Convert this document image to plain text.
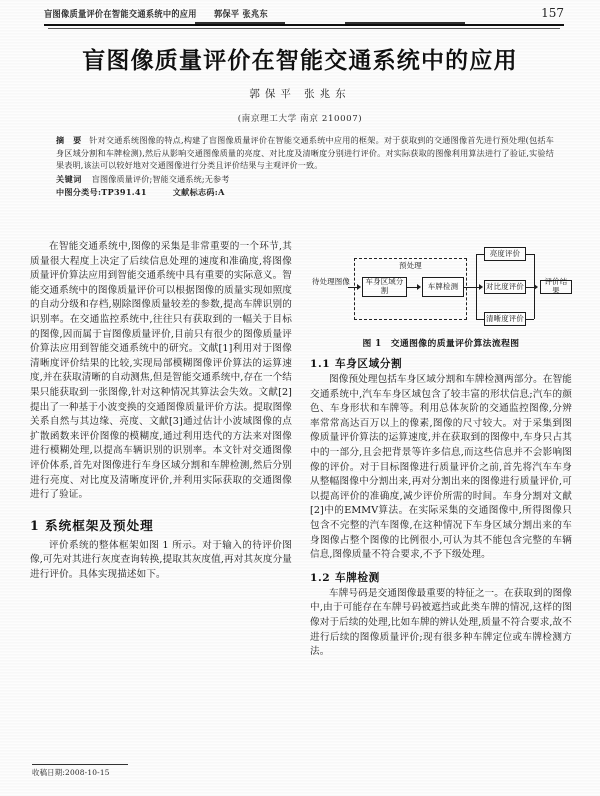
盲图像质量评价在智能交通系统中的应用 郭保平 张兆东	157
盲图像质量评价在智能交通系统中的应用
郭保平 张兆东
(南京理工大学 南京 210007)

摘 要 针对交通系统图像的特点,构建了盲图像质量评价在智能交通系统中应用的框架。对于获取到的交通图像首先进行预处理(包括车身区域分割和车牌检测),然后从影响交通图像质量的亮度、对比度及清晰度分别进行评价。对实际获取的图像利用算法进行了验证,实验结果表明,该法可以较好地对交通图像进行分类且评价结果与主观评价一致。

关键词 盲图像质量评价;智能交通系统;无参考

中图分类号:TP391.41	文献标志码:A

在智能交通系统中,图像的采集是非常重要的一个环节,其质量很大程度上决定了后续信息处理的速度和准确度,将图像质量评价算法应用到智能交通系统中具有重要的实际意义。智能交通系统中的图像质量评价可以根据图像的质量实现如照度的自动分级和存档,剔除图像质量较差的参数,提高车牌识别的识别率。在交通监控系统中,往往只有获取到的一幅关于目标的图像,因而属于盲图像质量评价,目前只有很少的图像质量评价算法应用到智能交通系统中的研究。文献[1]利用对于图像清晰度评价结果的比较,实现局部模糊图像评价算法的运算速度,并在获取清晰的自动测焦,但是智能交通系统中,存在一个结果只能获取到一张图像,针对这种情况其算法会失效。文献[2]提出了一种基于小波变换的交通图像质量评价方法。提取图像关系自然与其边缘、亮度、文献[3]通过估计小波域图像的点扩散函数来评价图像的模糊度,通过利用迭代的方法来对图像进行模糊处理,以提高车辆识别的识别率。本文针对交通图像评价体系,首先对图像进行车身区域分割和车牌检测,然后分别进行亮度、对比度及清晰度评价,并利用实际获取的交通图像进行了验证。

1 系统框架及预处理

评价系统的整体框架如图 1 所示。对于输入的待评价图像,可先对其进行灰度查询转换,提取其灰度值,再对其灰度分量进行评价。具体实现描述如下。

预处理
待处理图像	车身区域分割	车牌检测
亮度评价
对比度评价
清晰度评价
评价结果
图 1 交通图像的质量评价算法流程图
1.1 车身区域分割

图像预处理包括车身区域分割和车牌检测两部分。在智能交通系统中,汽车车身区域包含了较丰富的形状信息;汽车的颜色、车身形状和车牌等。利用总体灰阶的交通监控图像,分辨率常常高达百万以上的像素,图像的尺寸较大。对于采集到图像质量评价算法的运算速度,并在获取到的图像中,车身只占其中的一部分,且会把背景等许多信息,而这些信息并不会影响图像的评价。对于目标图像进行质量评价之前,首先将汽车车身从整幅图像中分割出来,再对分割出来的图像进行质量评价,可以提高评价的准确度,减少评价所需的时间。车身分割对文献[2]中的EMMV算法。在实际采集的交通图像中,所得图像只包含不完整的汽车图像,在这种情况下车身区域分割出来的车身图像占整个图像的比例很小,可认为其不能包含完整的车辆信息,图像质量不符合要求,不予下级处理。

1.2 车牌检测

车牌号码是交通图像最重要的特征之一。在获取到的图像中,由于可能存在车牌号码被遮挡或此类车牌的情况,这样的图像对于后续的处理,比如车牌的辨认处理,质量不符合要求,故不进行后续的图像质量评价;现有很多种车牌定位或车牌检测方法。

收稿日期:2008-10-15
